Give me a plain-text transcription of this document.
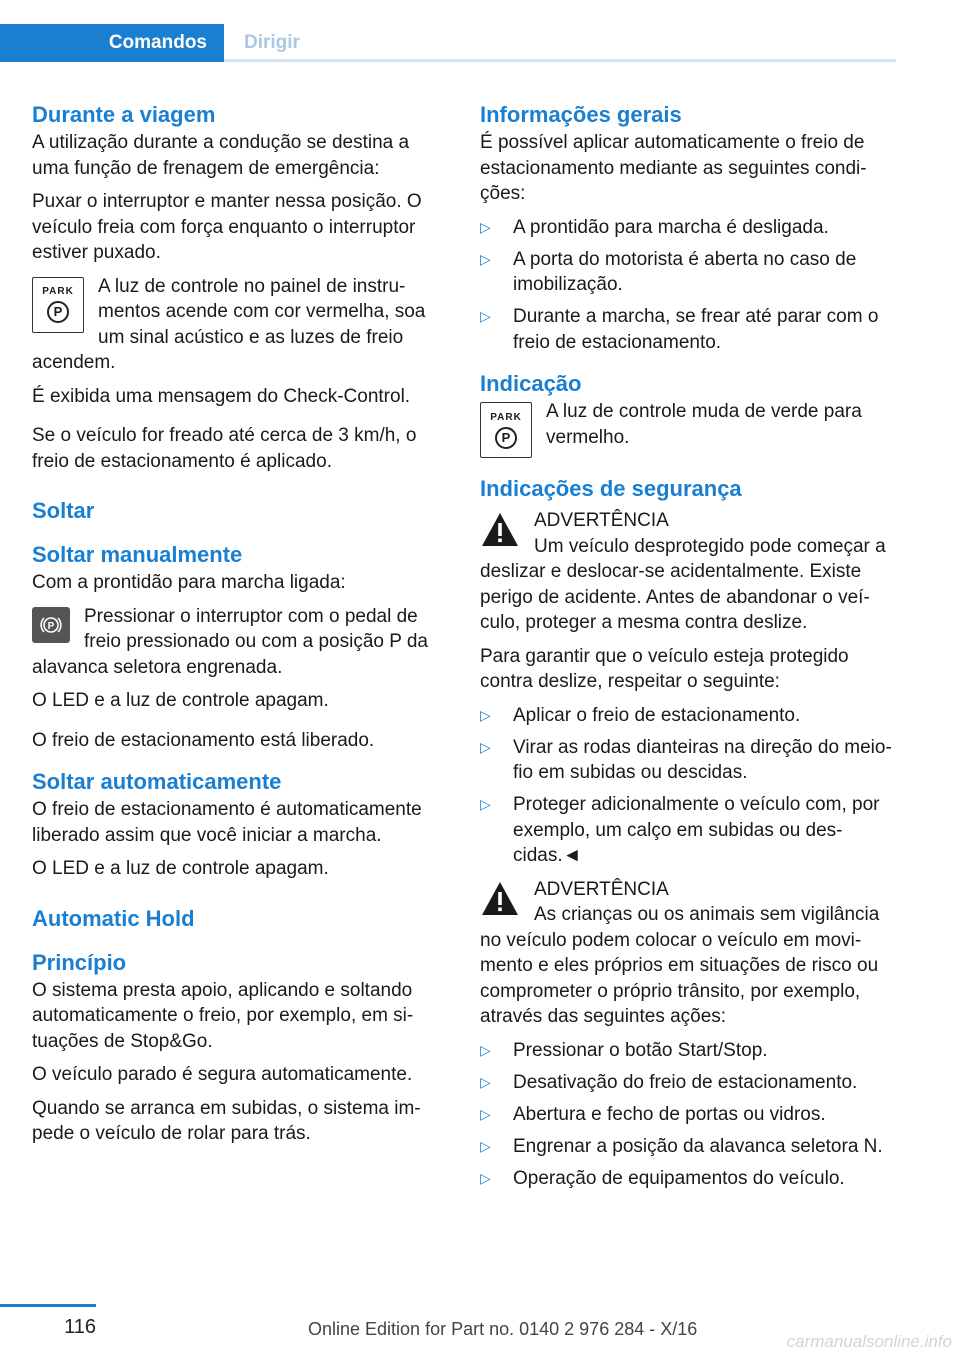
Comandos	Dirigir
Durante a viagem

A utilização durante a condução se destina a uma função de frenagem de emergência:

Puxar o interruptor e manter nessa posição. O veículo freia com força enquanto o interruptor estiver puxado.

PARK
P
A luz de controle no painel de instrumentos acende com cor vermelha, soa um sinal acústico e as luzes de freio acendem.

É exibida uma mensagem do Check-Control.

Se o veículo for freado até cerca de 3 km/h, o freio de estacionamento é aplicado.

Soltar
Soltar manualmente

Com a prontidão para marcha ligada:

P Pressionar o interruptor com o pedal de freio pressionado ou com a posição P da alavanca seletora engrenada.

O LED e a luz de controle apagam.

O freio de estacionamento está liberado.

Soltar automaticamente

O freio de estacionamento é automaticamente liberado assim que você iniciar a marcha.

O LED e a luz de controle apagam.

Automatic Hold
Princípio

O sistema presta apoio, aplicando e soltando automaticamente o freio, por exemplo, em situações de Stop&Go.

O veículo parado é segura automaticamente.

Quando se arranca em subidas, o sistema impede o veículo de rolar para trás.

Informações gerais

É possível aplicar automaticamente o freio de estacionamento mediante as seguintes condições:

▷ A prontidão para marcha é desligada.
▷ A porta do motorista é aberta no caso de imobilização.
▷ Durante a marcha, se frear até parar com o freio de estacionamento.
Indicação
PARK
P
A luz de controle muda de verde para vermelho.
Indicações de segurança
ADVERTÊNCIA
Um veículo desprotegido pode começar a deslizar e deslocar-se acidentalmente. Existe perigo de acidente. Antes de abandonar o veículo, proteger a mesma contra deslize.

Para garantir que o veículo esteja protegido contra deslize, respeitar o seguinte:

▷ Aplicar o freio de estacionamento.
▷ Virar as rodas dianteiras na direção do meio-fio em subidas ou descidas.
▷ Proteger adicionalmente o veículo com, por exemplo, um calço em subidas ou descidas.◄
ADVERTÊNCIA
As crianças ou os animais sem vigilância no veículo podem colocar o veículo em movimento e eles próprios em situações de risco ou comprometer o próprio trânsito, por exemplo, através das seguintes ações:
▷ Pressionar o botão Start/Stop.
▷ Desativação do freio de estacionamento.
▷ Abertura e fecho de portas ou vidros.
▷ Engrenar a posição da alavanca seletora N.
▷ Operação de equipamentos do veículo.
116	Online Edition for Part no. 0140 2 976 284 - X/16
carmanualsonline.info
